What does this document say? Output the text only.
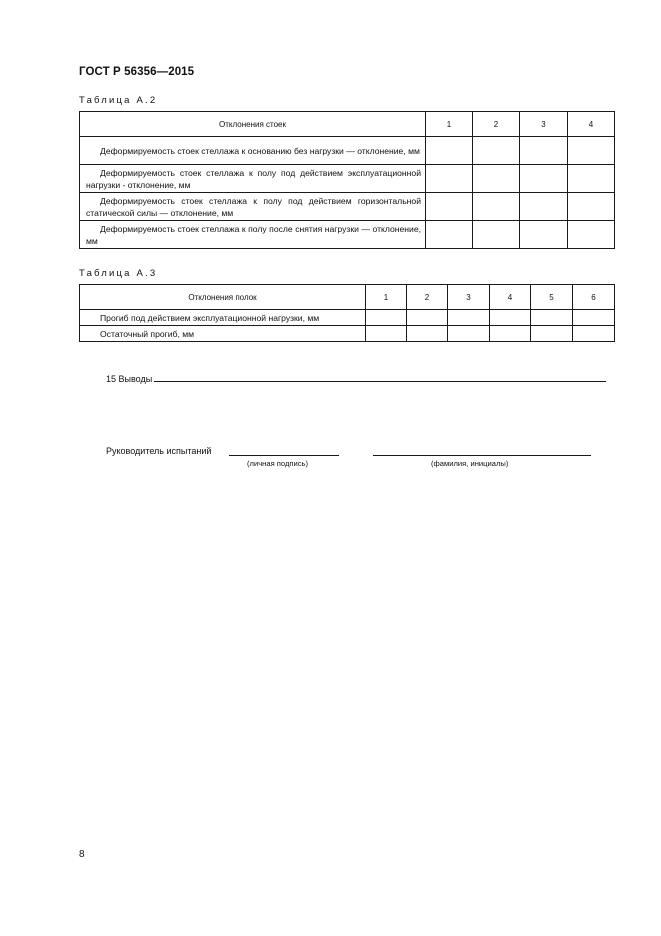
ГОСТ Р 56356—2015
Таблица А.2
Отклонения стоек	1	2	3	4
Деформируемость стоек стеллажа к основанию без нагрузки — отклонение, мм				
Деформируемость стоек стеллажа к полу под действием эксплуатационной нагрузки - отклонение, мм				
Деформируемость стоек стеллажа к полу под действием горизонтальной статической силы — отклонение, мм				
Деформируемость стоек стеллажа к полу после снятия нагрузки — отклонение, мм				
Таблица А.3
Отклонения полок	1	2	3	4	5	6
Прогиб под действием эксплуатационной нагрузки, мм						
Остаточный прогиб, мм						
15 Выводы
Руководитель испытаний
(личная подпись)	(фамилия, инициалы)
8
